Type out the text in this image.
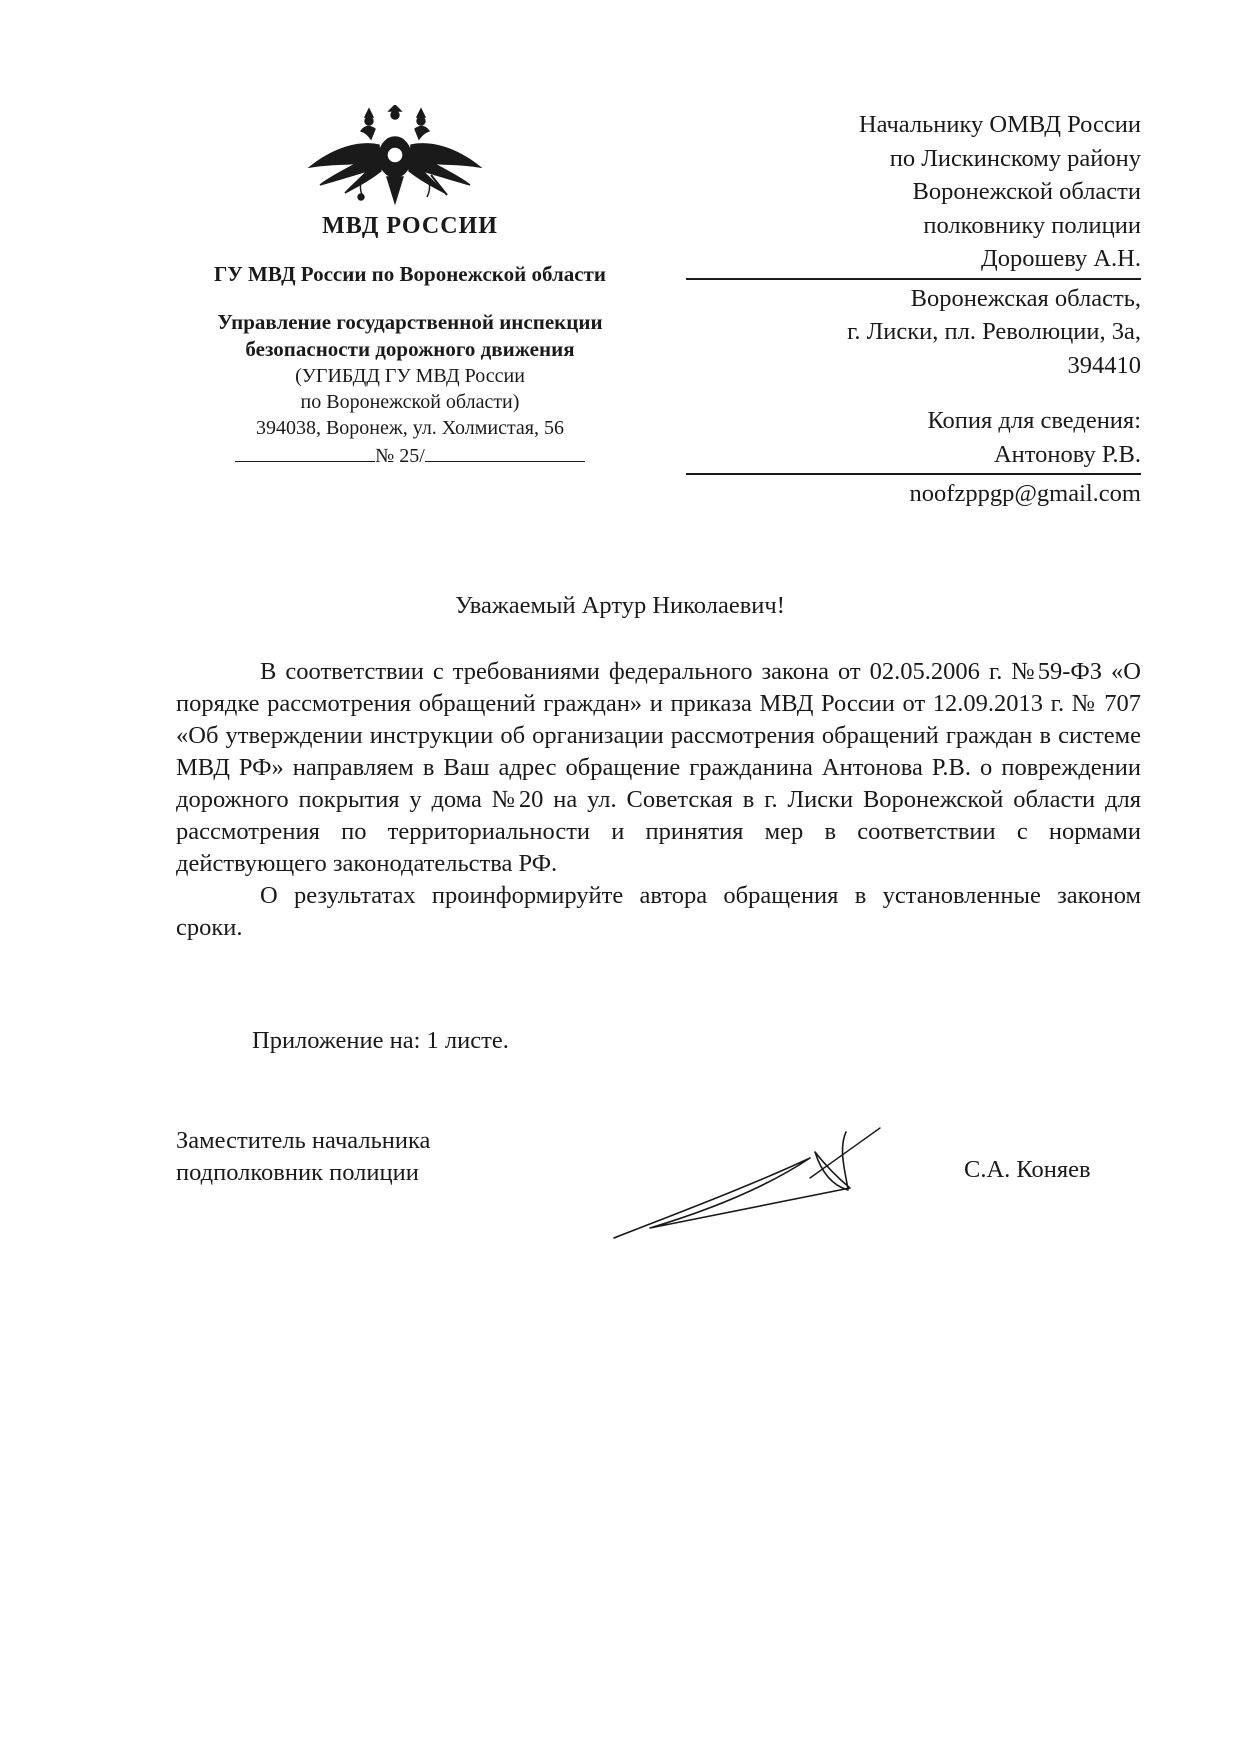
МВД РОССИИ
ГУ МВД России по Воронежской области
Управление государственной инспекции
безопасности дорожного движения
(УГИБДД ГУ МВД России
по Воронежской области)
394038, Воронеж, ул. Холмистая, 56
№ 25/
Начальнику ОМВД России
по Лискинскому району
Воронежской области
полковнику полиции
Дорошеву А.Н.
Воронежская область,
г. Лиски, пл. Революции, 3а,
394410
Копия для сведения:
Антонову Р.В.
noofzppgp@gmail.com
Уважаемый Артур Николаевич!

В соответствии с требованиями федерального закона от 02.05.2006 г. №59-ФЗ «О порядке рассмотрения обращений граждан» и приказа МВД России от 12.09.2013 г. № 707 «Об утверждении инструкции об организации рассмотрения обращений граждан в системе МВД РФ» направляем в Ваш адрес обращение гражданина Антонова Р.В. о повреждении дорожного покрытия у дома №20 на ул. Советская в г. Лиски Воронежской области для рассмотрения по территориальности и принятия мер в соответствии с нормами действующего законодательства РФ.

О результатах проинформируйте автора обращения в установленные законом сроки.

Приложение на: 1 листе.
Заместитель начальника
подполковник полиции	С.А. Коняев
